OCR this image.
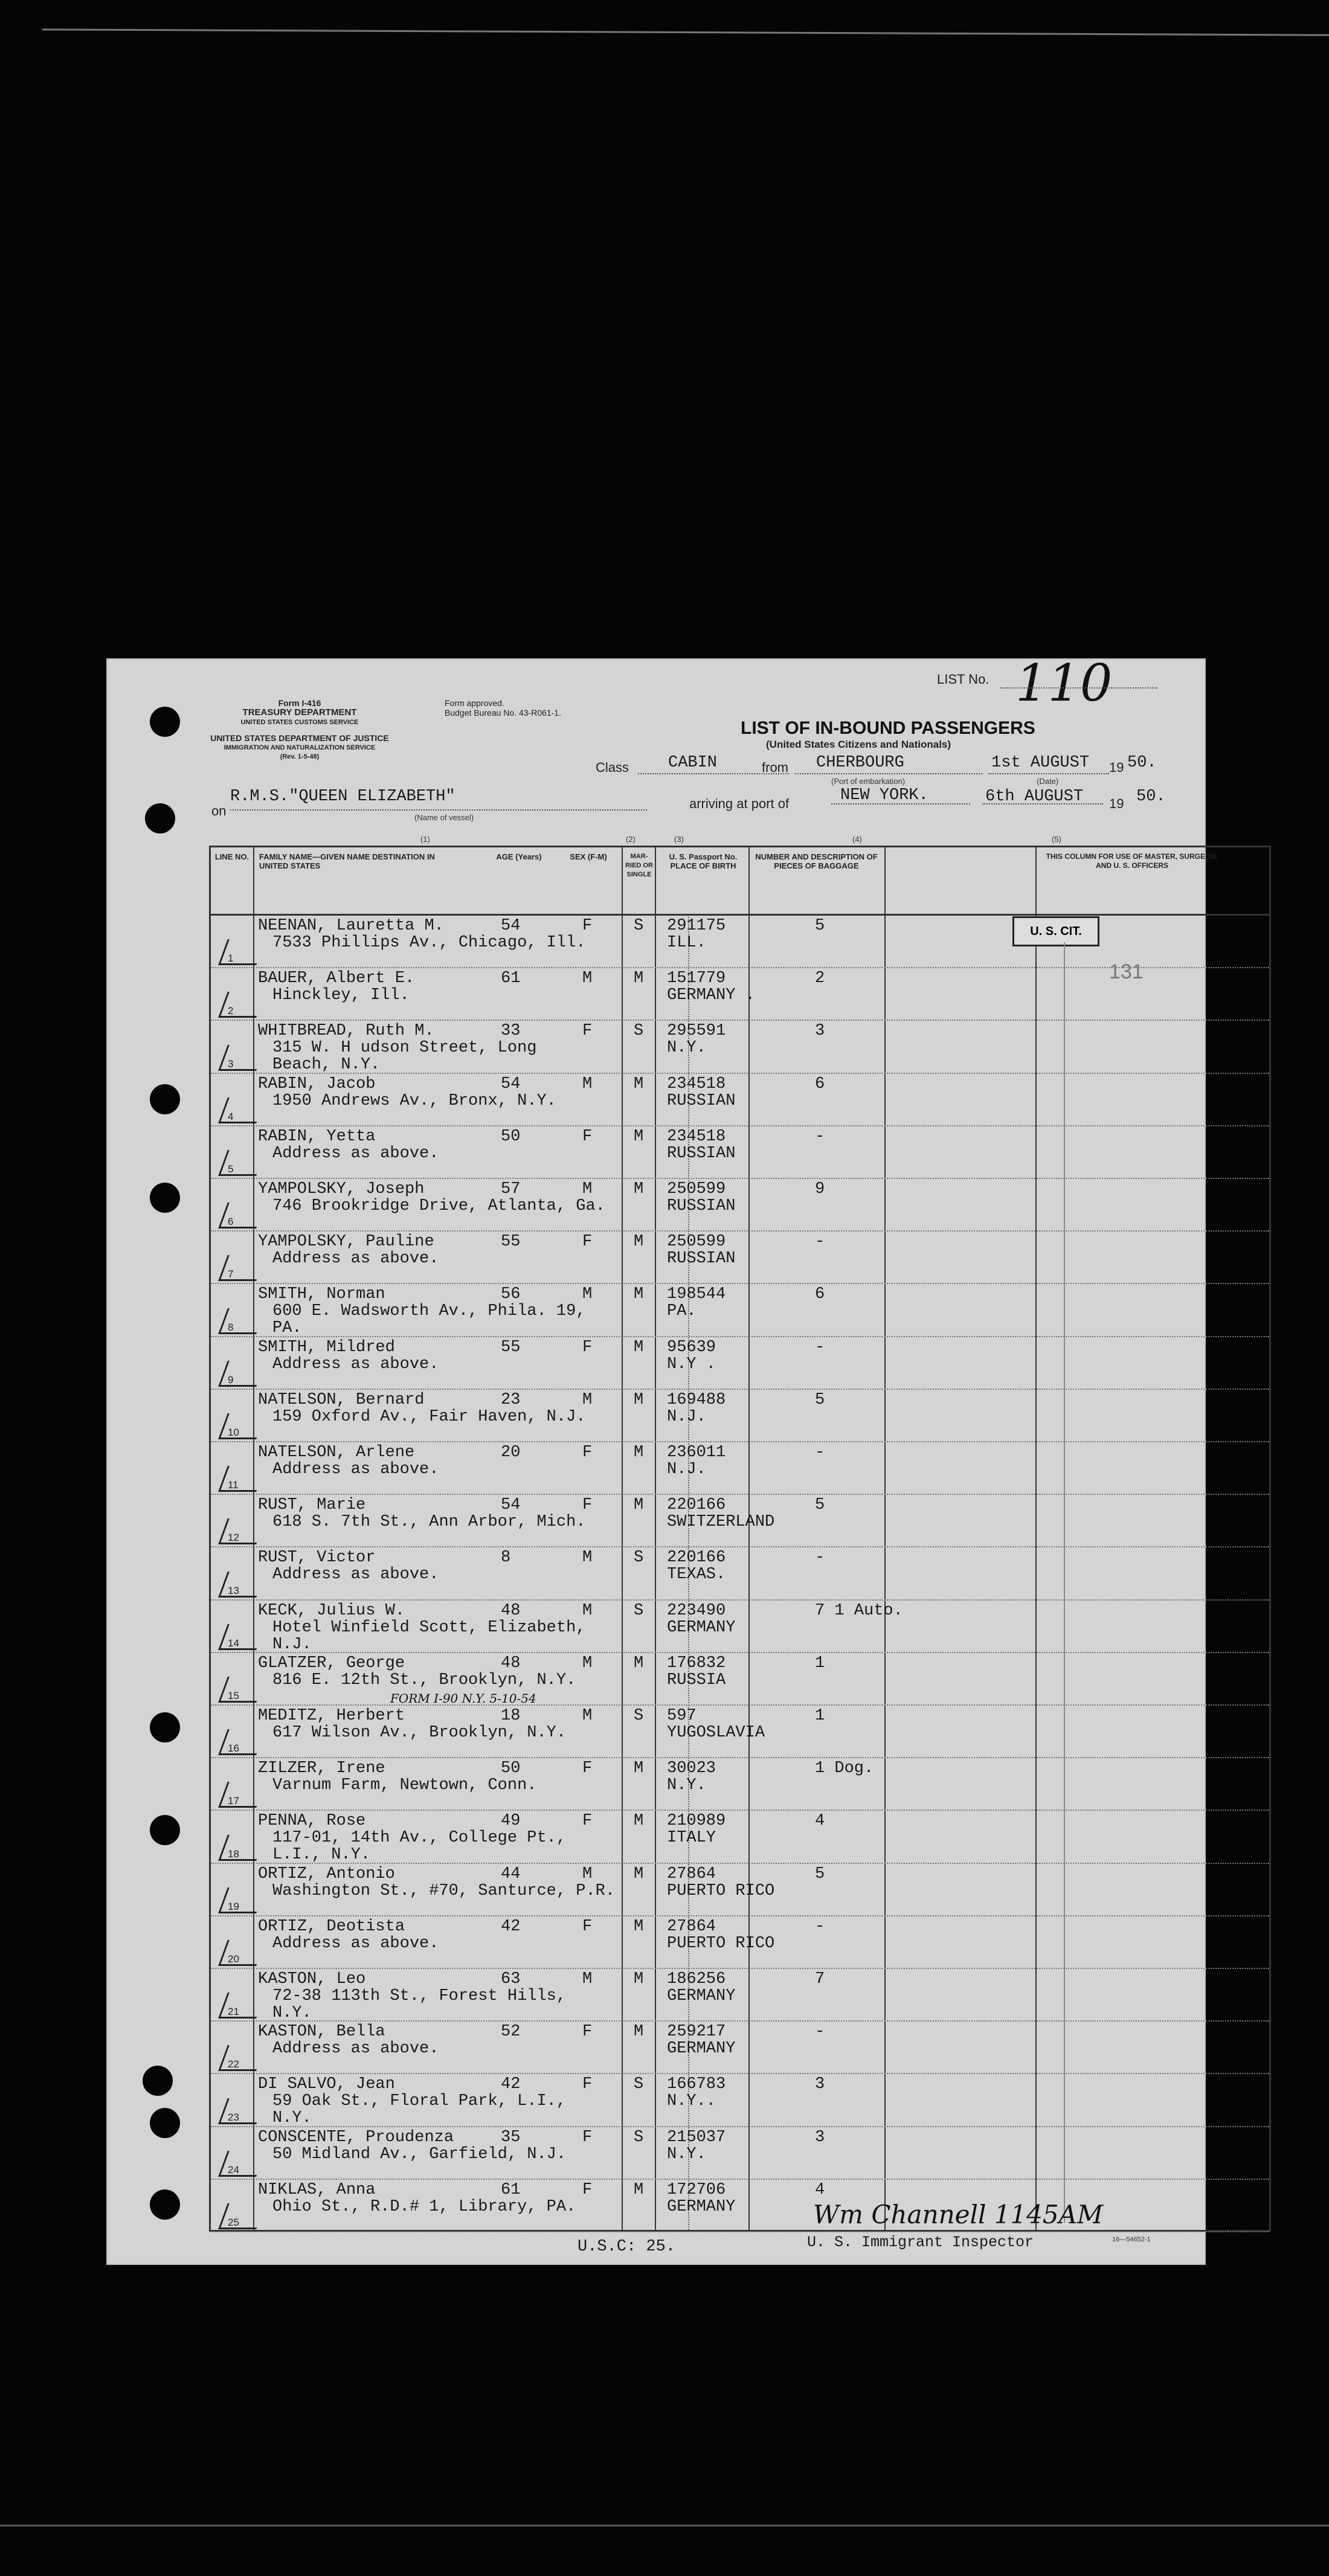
Form I-416
TREASURY DEPARTMENT
UNITED STATES CUSTOMS SERVICE
UNITED STATES DEPARTMENT OF JUSTICE
IMMIGRATION AND NATURALIZATION SERVICE
(Rev. 1-5-48)
Form approved.
Budget Bureau No. 43-R061-1.
LIST No. 110
LIST OF IN-BOUND PASSENGERS
(United States Citizens and Nationals)
Class CABIN	from CHERBOURG	1st AUGUST 19 50.
(Port of embarkation)	(Date)
on
R.M.S."QUEEN ELIZABETH"
(Name of vessel)
arriving at port of	NEW YORK.	6th AUGUST 19 50.
(1)	(2)	(3)	(4)	(5)
LINE NO. FAMILY NAME—GIVEN NAME DESTINATION IN UNITED STATES
AGE (Years)	SEX (F-M)	MAR-RIED OR SINGLE
U. S. Passport No. PLACE OF BIRTH
NUMBER AND DESCRIPTION OF PIECES OF BAGGAGE
THIS COLUMN FOR USE OF MASTER, SURGEON, AND U. S. OFFICERS
1
NEENAN, Lauretta M.
7533 Phillips Av., Chicago, Ill.
54	F	S 291175
ILL.
5
2
BAUER, Albert E.
Hinckley, Ill.
61	M	M 151779
GERMANY .
2
3
WHITBREAD, Ruth M.
315 W. H udson Street, Long
Beach, N.Y.
33	F	S 295591
N.Y.
3
4
RABIN, Jacob
1950 Andrews Av., Bronx, N.Y.
54	M	M 234518
RUSSIAN
6
5
RABIN, Yetta
Address as above.
50	F	M 234518
RUSSIAN
-
6
YAMPOLSKY, Joseph
746 Brookridge Drive, Atlanta, Ga.
57	M	M 250599
RUSSIAN
9
7
YAMPOLSKY, Pauline
Address as above.
55	F	M 250599
RUSSIAN
-
8
SMITH, Norman
600 E. Wadsworth Av., Phila. 19,
PA.
56	M	M 198544
PA.
6
9
SMITH, Mildred
Address as above.
55	F	M 95639
N.Y .
-
10
NATELSON, Bernard
159 Oxford Av., Fair Haven, N.J.
23	M	M 169488
N.J.
5
11
NATELSON, Arlene
Address as above.
20	F	M 236011
N.J.
-
12
RUST, Marie
618 S. 7th St., Ann Arbor, Mich.
54	F	M 220166
SWITZERLAND
5
13
RUST, Victor
Address as above.
8	M	S 220166
TEXAS.
-
14
KECK, Julius W.
Hotel Winfield Scott, Elizabeth,
N.J.
48	M	S 223490
GERMANY
7 1 Auto.
15
GLATZER, George
816 E. 12th St., Brooklyn, N.Y.
48	M	M 176832
RUSSIA
1
16
MEDITZ, Herbert
617 Wilson Av., Brooklyn, N.Y.
18	M	S 597
YUGOSLAVIA
1
17
ZILZER, Irene
Varnum Farm, Newtown, Conn.
50	F	M 30023
N.Y.
1 Dog.
18
PENNA, Rose
117-01, 14th Av., College Pt.,
L.I., N.Y.
49	F	M 210989
ITALY
4
19
ORTIZ, Antonio
Washington St., #70, Santurce, P.R.
44	M	M 27864
PUERTO RICO
5
20
ORTIZ, Deotista
Address as above.
42	F	M 27864
PUERTO RICO
-
21
KASTON, Leo
72-38 113th St., Forest Hills,
N.Y.
63	M	M 186256
GERMANY
7
22
KASTON, Bella
Address as above.
52	F	M 259217
GERMANY
-
23
DI SALVO, Jean
59 Oak St., Floral Park, L.I.,
N.Y.
42	F	S 166783
N.Y..
3
24
CONSCENTE, Proudenza
50 Midland Av., Garfield, N.J.
35	F	S 215037
N.Y.
3
25
NIKLAS, Anna
Ohio St., R.D.# 1, Library, PA.
61	F	M 172706
GERMANY
4
U. S. CIT.
131
FORM I-90 N.Y. 5-10-54
Wm Channell 1145AM
U.S.C: 25.	U. S. Immigrant Inspector	16—54652-1
